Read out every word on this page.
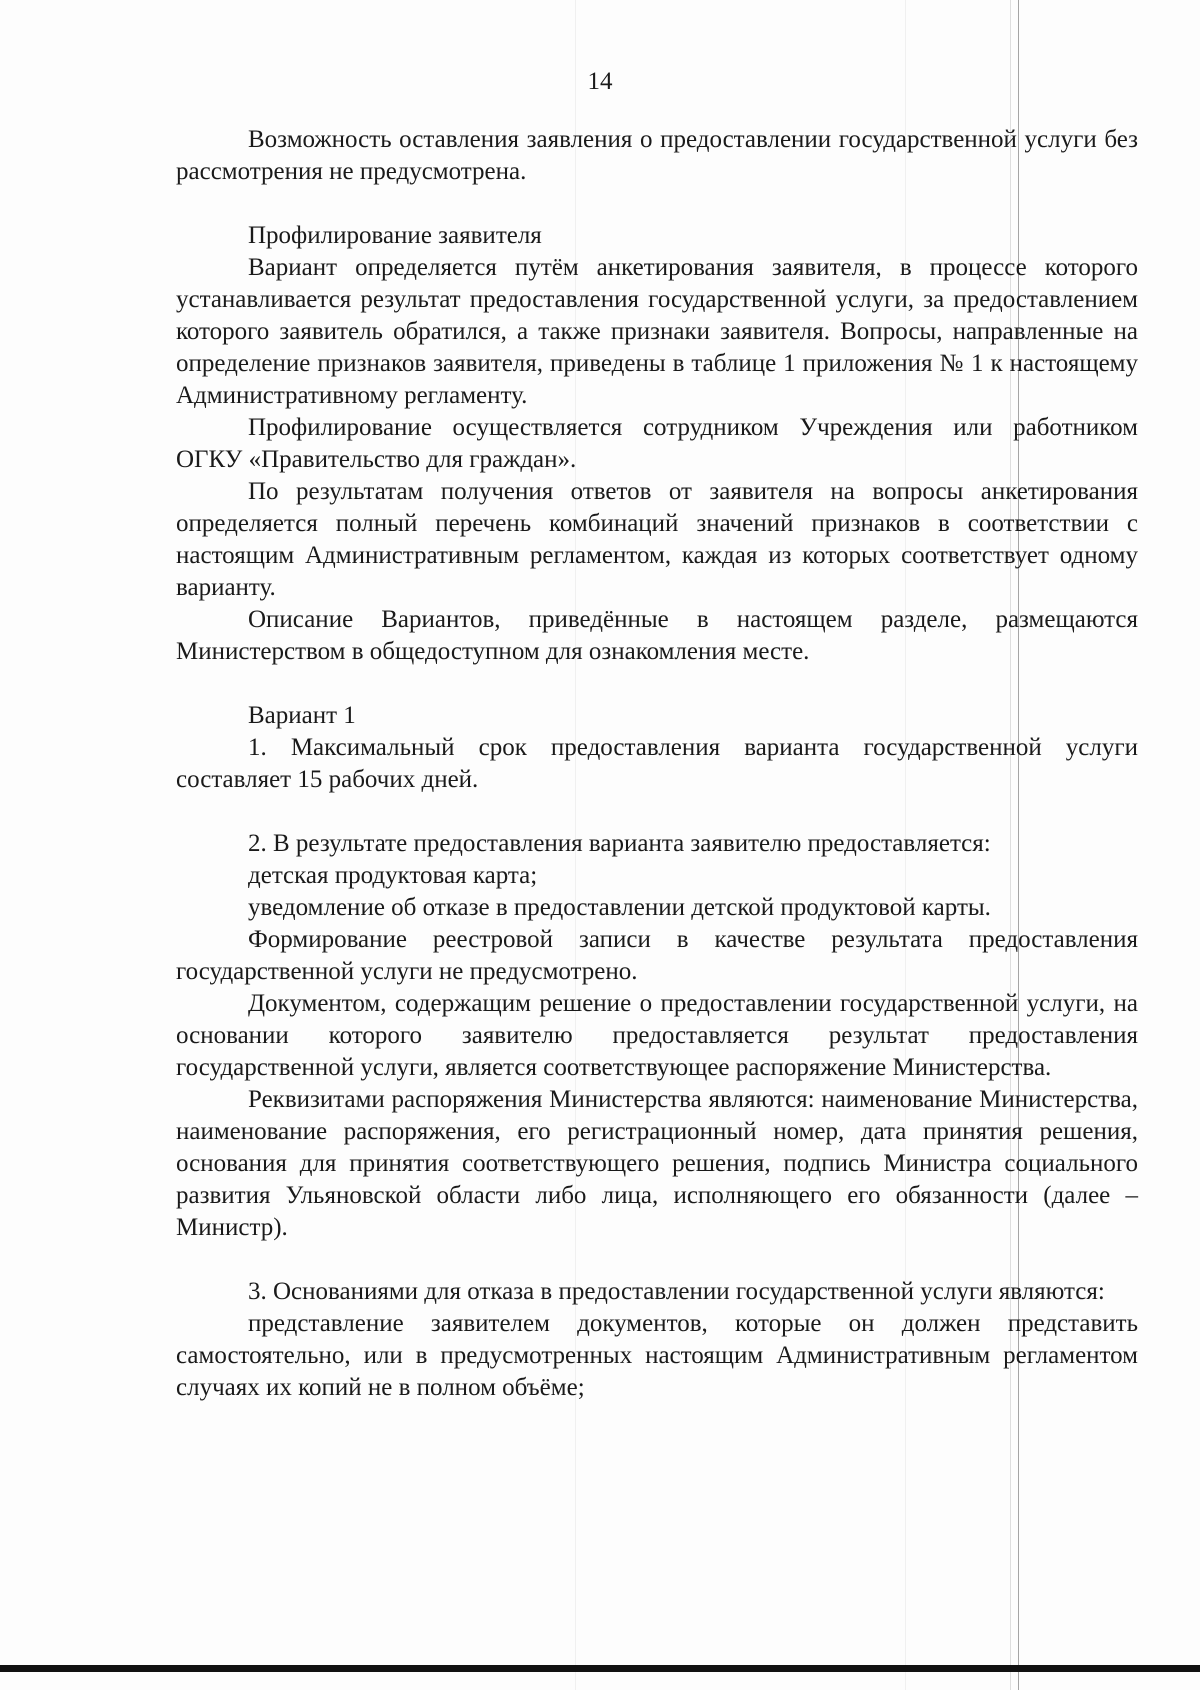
14

Возможность оставления заявления о предоставлении государственной услуги без рассмотрения не предусмотрена.

Профилирование заявителя

Вариант определяется путём анкетирования заявителя, в процессе которого устанавливается результат предоставления государственной услуги, за предоставлением которого заявитель обратился, а также признаки заявителя. Вопросы, направленные на определение признаков заявителя, приведены в таблице 1 приложения № 1 к настоящему Административному регламенту.

Профилирование осуществляется сотрудником Учреждения или работником ОГКУ «Правительство для граждан».

По результатам получения ответов от заявителя на вопросы анкетирования определяется полный перечень комбинаций значений признаков в соответствии с настоящим Административным регламентом, каждая из которых соответствует одному варианту.

Описание Вариантов, приведённые в настоящем разделе, размещаются Министерством в общедоступном для ознакомления месте.

Вариант 1

1. Максимальный срок предоставления варианта государственной услуги составляет 15 рабочих дней.

2. В результате предоставления варианта заявителю предоставляется:

детская продуктовая карта;

уведомление об отказе в предоставлении детской продуктовой карты.

Формирование реестровой записи в качестве результата предоставления государственной услуги не предусмотрено.

Документом, содержащим решение о предоставлении государственной услуги, на основании которого заявителю предоставляется результат предоставления государственной услуги, является соответствующее распоряжение Министерства.

Реквизитами распоряжения Министерства являются: наименование Министерства, наименование распоряжения, его регистрационный номер, дата принятия решения, основания для принятия соответствующего решения, подпись Министра социального развития Ульяновской области либо лица, исполняющего его обязанности (далее – Министр).

3. Основаниями для отказа в предоставлении государственной услуги являются:

представление заявителем документов, которые он должен представить самостоятельно, или в предусмотренных настоящим Административным регламентом случаях их копий не в полном объёме;
